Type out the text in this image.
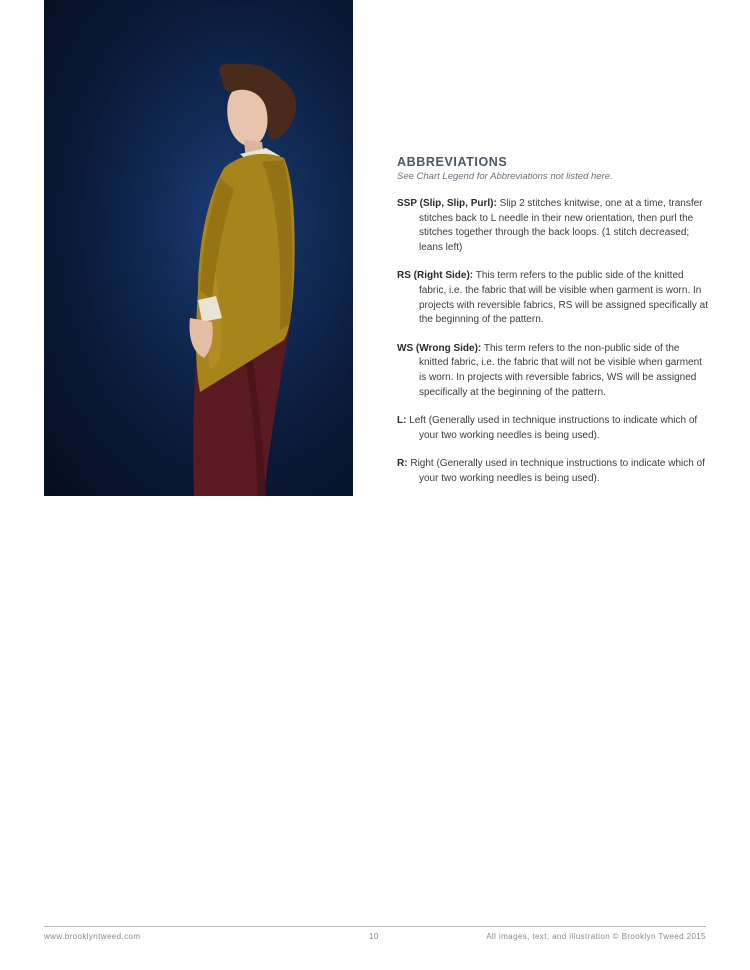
ABBREVIATIONS

See Chart Legend for Abbreviations not listed here.

SSP (Slip, Slip, Purl): Slip 2 stitches knitwise, one at a time, transfer stitches back to L needle in their new orientation, then purl the stitches together through the back loops. (1 stitch decreased; leans left)

RS (Right Side): This term refers to the public side of the knitted fabric, i.e. the fabric that will be visible when garment is worn. In projects with reversible fabrics, RS will be assigned specifically at the beginning of the pattern.

WS (Wrong Side): This term refers to the non-public side of the knitted fabric, i.e. the fabric that will not be visible when garment is worn. In projects with reversible fabrics, WS will be assigned specifically at the beginning of the pattern.

L: Left (Generally used in technique instructions to indicate which of your two working needles is being used).

R: Right (Generally used in technique instructions to indicate which of your two working needles is being used).

www.brooklyntweed.com	10	All images, text, and illustration © Brooklyn Tweed 2015
